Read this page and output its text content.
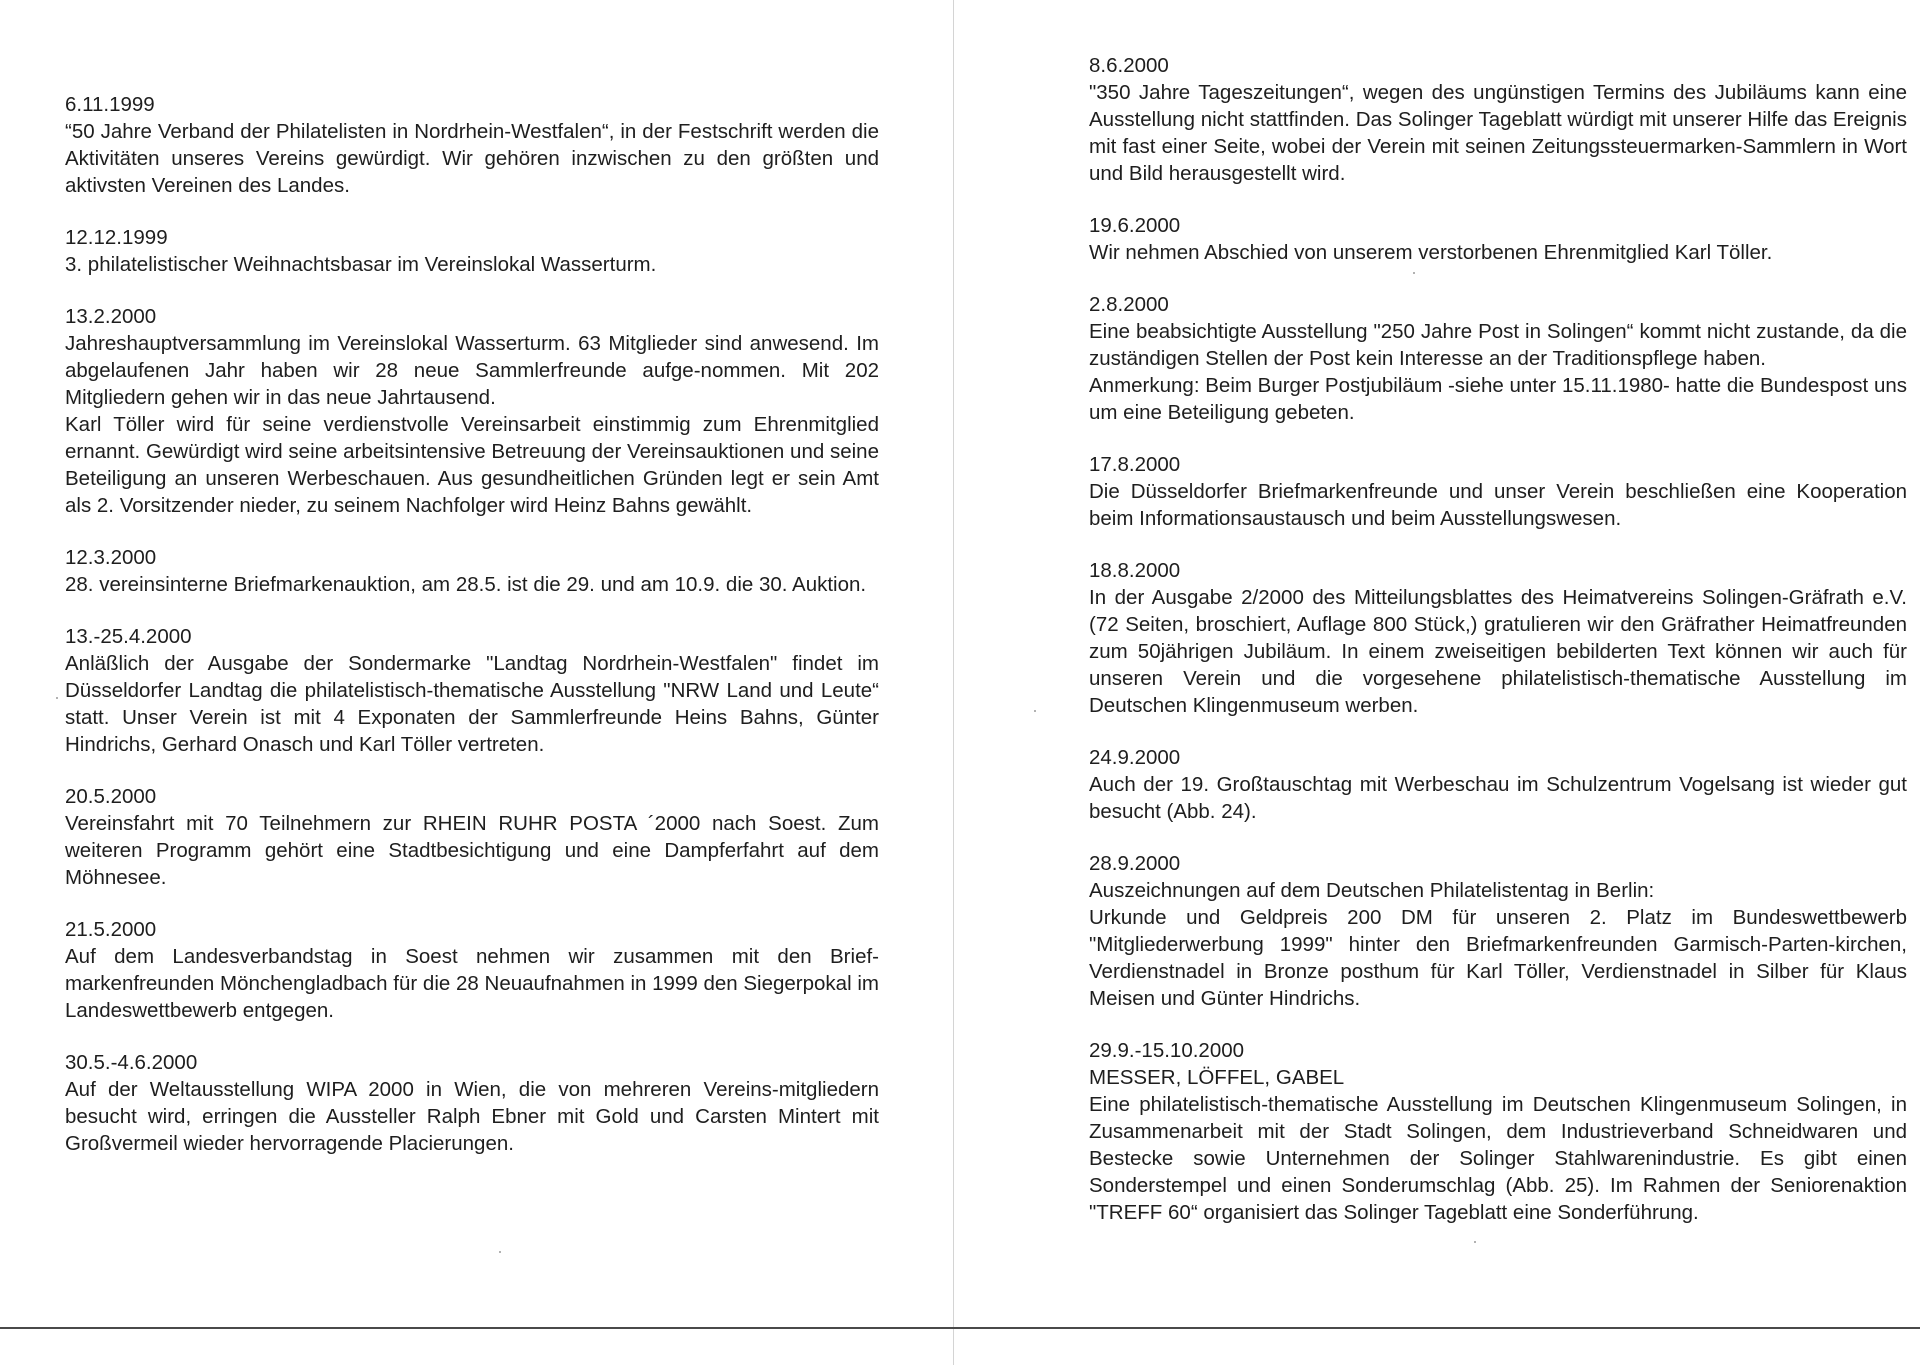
6.11.1999
“50 Jahre Verband der Philatelisten in Nordrhein-Westfalen“, in der Festschrift werden die Aktivitäten unseres Vereins gewürdigt. Wir gehören inzwischen zu den größten und aktivsten Vereinen des Landes.
12.12.1999
3. philatelistischer Weihnachtsbasar im Vereinslokal Wasserturm.
13.2.2000
Jahreshauptversammlung im Vereinslokal Wasserturm. 63 Mitglieder sind anwesend. Im abgelaufenen Jahr haben wir 28 neue Sammlerfreunde aufge-nommen. Mit 202 Mitgliedern gehen wir in das neue Jahrtausend.
Karl Töller wird für seine verdienstvolle Vereinsarbeit einstimmig zum Ehrenmitglied ernannt. Gewürdigt wird seine arbeitsintensive Betreuung der Vereinsauktionen und seine Beteiligung an unseren Werbeschauen. Aus gesundheitlichen Gründen legt er sein Amt als 2. Vorsitzender nieder, zu seinem Nachfolger wird Heinz Bahns gewählt.
12.3.2000
28. vereinsinterne Briefmarkenauktion, am 28.5. ist die 29. und am 10.9. die 30. Auktion.
13.-25.4.2000
Anläßlich der Ausgabe der Sondermarke "Landtag Nordrhein-Westfalen" findet im Düsseldorfer Landtag die philatelistisch-thematische Ausstellung "NRW Land und Leute“ statt. Unser Verein ist mit 4 Exponaten der Sammlerfreunde Heins Bahns, Günter Hindrichs, Gerhard Onasch und Karl Töller vertreten.
20.5.2000
Vereinsfahrt mit 70 Teilnehmern zur RHEIN RUHR POSTA ´2000 nach Soest. Zum weiteren Programm gehört eine Stadtbesichtigung und eine Dampferfahrt auf dem Möhnesee.
21.5.2000
Auf dem Landesverbandstag in Soest nehmen wir zusammen mit den Brief-markenfreunden Mönchengladbach für die 28 Neuaufnahmen in 1999 den Siegerpokal im Landeswettbewerb entgegen.
30.5.-4.6.2000
Auf der Weltausstellung WIPA 2000 in Wien, die von mehreren Vereins-mitgliedern besucht wird, erringen die Aussteller Ralph Ebner mit Gold und Carsten Mintert mit Großvermeil wieder hervorragende Placierungen.
8.6.2000
"350 Jahre Tageszeitungen“, wegen des ungünstigen Termins des Jubiläums kann eine Ausstellung nicht stattfinden. Das Solinger Tageblatt würdigt mit unserer Hilfe das Ereignis mit fast einer Seite, wobei der Verein mit seinen Zeitungssteuermarken-Sammlern in Wort und Bild herausgestellt wird.
19.6.2000
Wir nehmen Abschied von unserem verstorbenen Ehrenmitglied Karl Töller.
2.8.2000
Eine beabsichtigte Ausstellung "250 Jahre Post in Solingen“ kommt nicht zustande, da die zuständigen Stellen der Post kein Interesse an der Traditionspflege haben.
Anmerkung: Beim Burger Postjubiläum -siehe unter 15.11.1980- hatte die Bundespost uns um eine Beteiligung gebeten.
17.8.2000
Die Düsseldorfer Briefmarkenfreunde und unser Verein beschließen eine Kooperation beim Informationsaustausch und beim Ausstellungswesen.
18.8.2000
In der Ausgabe 2/2000 des Mitteilungsblattes des Heimatvereins Solingen-Gräfrath e.V. (72 Seiten, broschiert, Auflage 800 Stück,) gratulieren wir den Gräfrather Heimatfreunden zum 50jährigen Jubiläum. In einem zweiseitigen bebilderten Text können wir auch für unseren Verein und die vorgesehene philatelistisch-thematische Ausstellung im Deutschen Klingenmuseum werben.
24.9.2000
Auch der 19. Großtauschtag mit Werbeschau im Schulzentrum Vogelsang ist wieder gut besucht (Abb. 24).
28.9.2000
Auszeichnungen auf dem Deutschen Philatelistentag in Berlin:
Urkunde und Geldpreis 200 DM für unseren 2. Platz im Bundeswettbewerb "Mitgliederwerbung 1999" hinter den Briefmarkenfreunden Garmisch-Parten-kirchen, Verdienstnadel in Bronze posthum für Karl Töller, Verdienstnadel in Silber für Klaus Meisen und Günter Hindrichs.
29.9.-15.10.2000
MESSER, LÖFFEL, GABEL
Eine philatelistisch-thematische Ausstellung im Deutschen Klingenmuseum Solingen, in Zusammenarbeit mit der Stadt Solingen, dem Industrieverband Schneidwaren und Bestecke sowie Unternehmen der Solinger Stahlwarenindustrie. Es gibt einen Sonderstempel und einen Sonderumschlag (Abb. 25). Im Rahmen der Seniorenaktion "TREFF 60“ organisiert das Solinger Tageblatt eine Sonderführung.
